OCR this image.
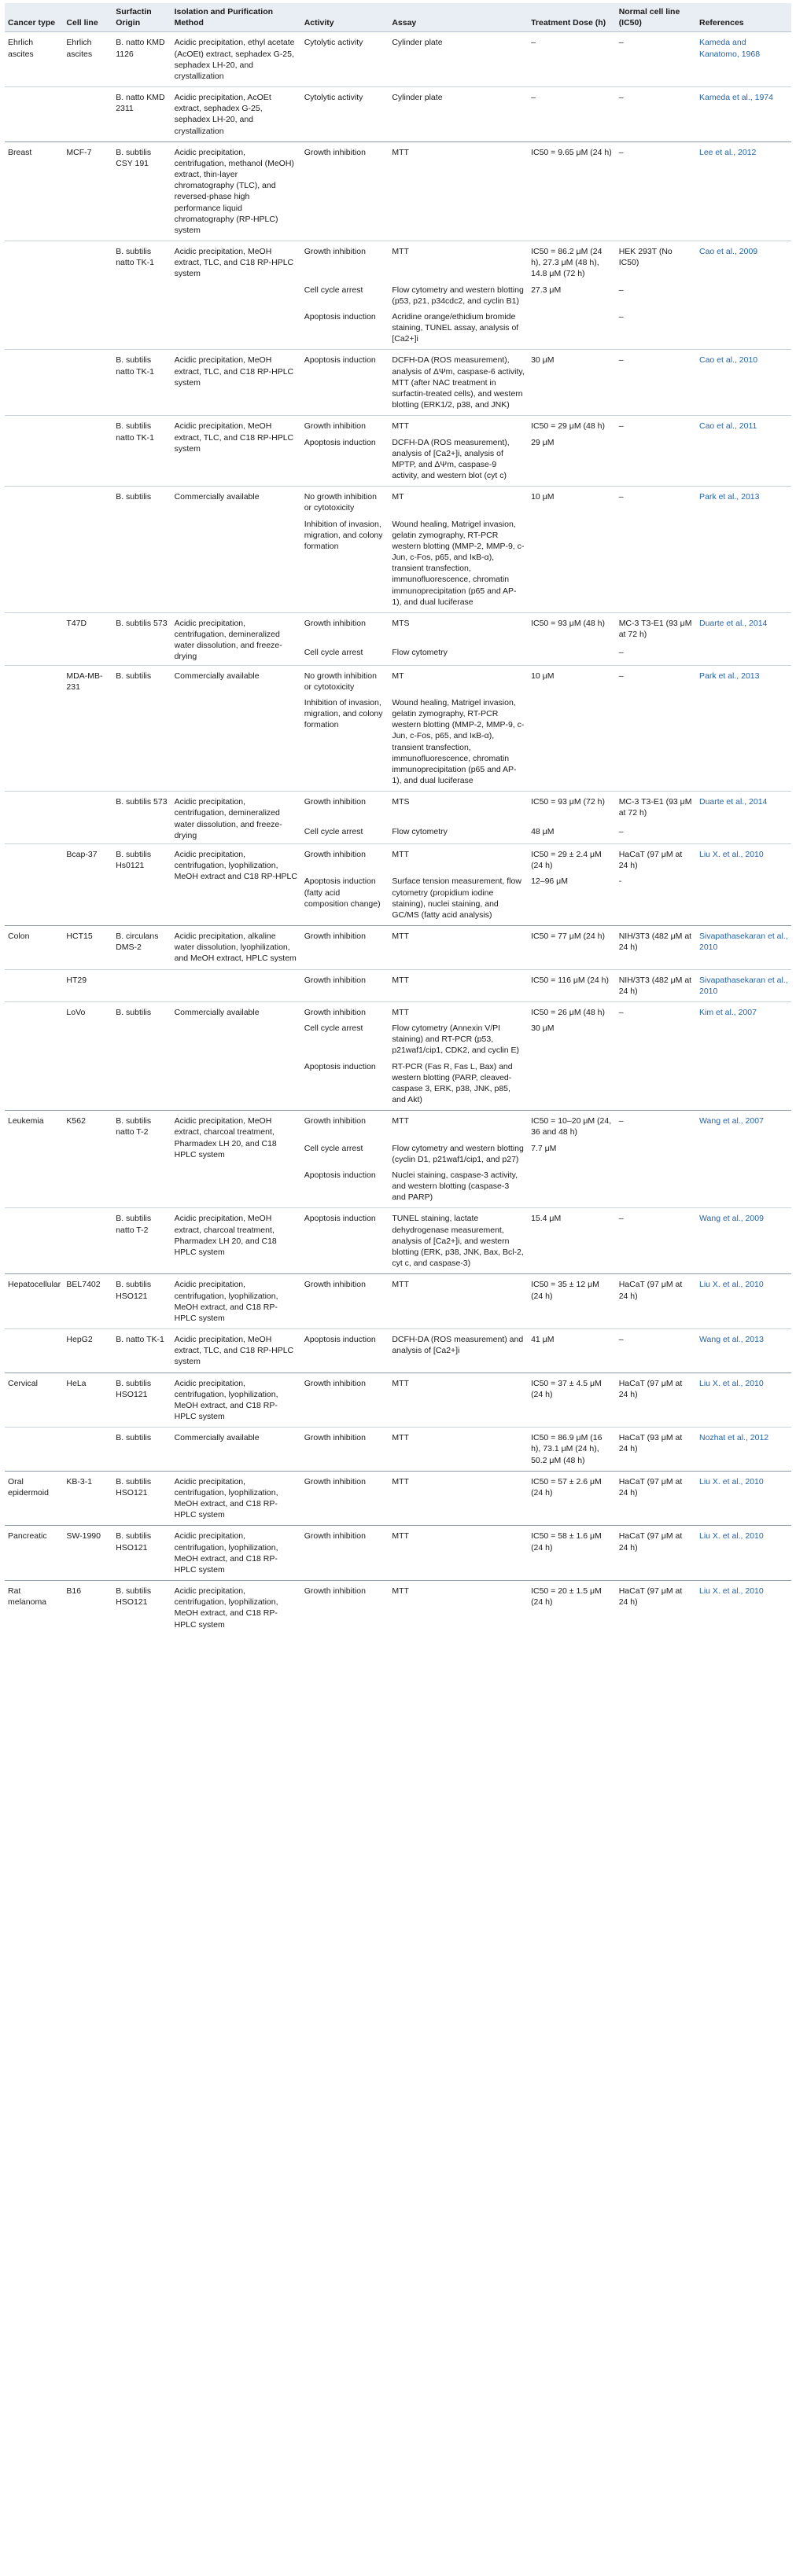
Cancer type	Cell line	Surfactin Origin	Isolation and Purification Method	Activity	Assay	Treatment Dose (h)	Normal cell line (IC50)	References
Ehrlich ascites	Ehrlich ascites	B. natto KMD 1126	Acidic precipitation, ethyl acetate (AcOEt) extract, sephadex G-25, sephadex LH-20, and crystallization	Cytolytic activity	Cylinder plate	–	–	Kameda and Kanatomo, 1968
		B. natto KMD 2311	Acidic precipitation, AcOEt extract, sephadex G-25, sephadex LH-20, and crystallization	Cytolytic activity	Cylinder plate	–	–	Kameda et al., 1974
Breast	MCF-7	B. subtilis CSY 191	Acidic precipitation, centrifugation, methanol (MeOH) extract, thin-layer chromatography (TLC), and reversed-phase high performance liquid chromatography (RP-HPLC) system	Growth inhibition	MTT	IC50 = 9.65 μM (24 h)	–	Lee et al., 2012
		B. subtilis natto TK-1	Acidic precipitation, MeOH extract, TLC, and C18 RP-HPLC system	Growth inhibition	MTT	IC50 = 86.2 μM (24 h), 27.3 μM (48 h), 14.8 μM (72 h)	HEK 293T (No IC50)	Cao et al., 2009
				Cell cycle arrest	Flow cytometry and western blotting (p53, p21, p34cdc2, and cyclin B1)	27.3 μM	–	
				Apoptosis induction	Acridine orange/ethidium bromide staining, TUNEL assay, analysis of [Ca2+]i		–	
		B. subtilis natto TK-1	Acidic precipitation, MeOH extract, TLC, and C18 RP-HPLC system	Apoptosis induction	DCFH-DA (ROS measurement), analysis of ΔΨm, caspase-6 activity, MTT (after NAC treatment in surfactin-treated cells), and western blotting (ERK1/2, p38, and JNK)	30 μM	–	Cao et al., 2010
		B. subtilis natto TK-1	Acidic precipitation, MeOH extract, TLC, and C18 RP-HPLC system	Growth inhibition	MTT	IC50 = 29 μM (48 h)	–	Cao et al., 2011
				Apoptosis induction	DCFH-DA (ROS measurement), analysis of [Ca2+]i, analysis of MPTP, and ΔΨm, caspase-9 activity, and western blot (cyt c)	29 μM		
		B. subtilis	Commercially available	No growth inhibition or cytotoxicity	MT	10 μM	–	Park et al., 2013
				Inhibition of invasion, migration, and colony formation	Wound healing, Matrigel invasion, gelatin zymography, RT-PCR western blotting (MMP-2, MMP-9, c-Jun, c-Fos, p65, and IκB-α), transient transfection, immunofluorescence, chromatin immunoprecipitation (p65 and AP-1), and dual luciferase			
	T47D	B. subtilis 573	Acidic precipitation, centrifugation, demineralized water dissolution, and freeze-drying	Growth inhibition	MTS	IC50 = 93 μM (48 h)	MC-3 T3-E1 (93 μM at 72 h)	Duarte et al., 2014
				Cell cycle arrest	Flow cytometry		–	
	MDA-MB-231	B. subtilis	Commercially available	No growth inhibition or cytotoxicity	MT	10 μM	–	Park et al., 2013
				Inhibition of invasion, migration, and colony formation	Wound healing, Matrigel invasion, gelatin zymography, RT-PCR western blotting (MMP-2, MMP-9, c-Jun, c-Fos, p65, and IκB-α), transient transfection, immunofluorescence, chromatin immunoprecipitation (p65 and AP-1), and dual luciferase			
		B. subtilis 573	Acidic precipitation, centrifugation, demineralized water dissolution, and freeze-drying	Growth inhibition	MTS	IC50 = 93 μM (72 h)	MC-3 T3-E1 (93 μM at 72 h)	Duarte et al., 2014
				Cell cycle arrest	Flow cytometry	48 μM	–	
	Bcap-37	B. subtilis Hs0121	Acidic precipitation, centrifugation, lyophilization, MeOH extract and C18 RP-HPLC	Growth inhibition	MTT	IC50 = 29 ± 2.4 μM (24 h)	HaCaT (97 μM at 24 h)	Liu X. et al., 2010
				Apoptosis induction (fatty acid composition change)	Surface tension measurement, flow cytometry (propidium iodine staining), nuclei staining, and GC/MS (fatty acid analysis)	12–96 μM	-	
Colon	HCT15	B. circulans DMS-2	Acidic precipitation, alkaline water dissolution, lyophilization, and MeOH extract, HPLC system	Growth inhibition	MTT	IC50 = 77 μM (24 h)	NIH/3T3 (482 μM at 24 h)	Sivapathasekaran et al., 2010
	HT29			Growth inhibition	MTT	IC50 = 116 μM (24 h)	NIH/3T3 (482 μM at 24 h)	Sivapathasekaran et al., 2010
	LoVo	B. subtilis	Commercially available	Growth inhibition	MTT	IC50 = 26 μM (48 h)	–	Kim et al., 2007
				Cell cycle arrest	Flow cytometry (Annexin V/PI staining) and RT-PCR (p53, p21waf1/cip1, CDK2, and cyclin E)	30 μM		
				Apoptosis induction	RT-PCR (Fas R, Fas L, Bax) and western blotting (PARP, cleaved-caspase 3, ERK, p38, JNK, p85, and Akt)			
Leukemia	K562	B. subtilis natto T-2	Acidic precipitation, MeOH extract, charcoal treatment, Pharmadex LH 20, and C18 HPLC system	Growth inhibition	MTT	IC50 = 10–20 μM (24, 36 and 48 h)	–	Wang et al., 2007
				Cell cycle arrest	Flow cytometry and western blotting (cyclin D1, p21waf1/cip1, and p27)	7.7 μM		
				Apoptosis induction	Nuclei staining, caspase-3 activity, and western blotting (caspase-3 and PARP)			
		B. subtilis natto T-2	Acidic precipitation, MeOH extract, charcoal treatment, Pharmadex LH 20, and C18 HPLC system	Apoptosis induction	TUNEL staining, lactate dehydrogenase measurement, analysis of [Ca2+]i, and western blotting (ERK, p38, JNK, Bax, Bcl-2, cyt c, and caspase-3)	15.4 μM	–	Wang et al., 2009
Hepatocellular	BEL7402	B. subtilis HSO121	Acidic precipitation, centrifugation, lyophilization, MeOH extract, and C18 RP-HPLC system	Growth inhibition	MTT	IC50 = 35 ± 12 μM (24 h)	HaCaT (97 μM at 24 h)	Liu X. et al., 2010
	HepG2	B. natto TK-1	Acidic precipitation, MeOH extract, TLC, and C18 RP-HPLC system	Apoptosis induction	DCFH-DA (ROS measurement) and analysis of [Ca2+]i	41 μM	–	Wang et al., 2013
Cervical	HeLa	B. subtilis HSO121	Acidic precipitation, centrifugation, lyophilization, MeOH extract, and C18 RP-HPLC system	Growth inhibition	MTT	IC50 = 37 ± 4.5 μM (24 h)	HaCaT (97 μM at 24 h)	Liu X. et al., 2010
		B. subtilis	Commercially available	Growth inhibition	MTT	IC50 = 86.9 μM (16 h), 73.1 μM (24 h), 50.2 μM (48 h)	HaCaT (93 μM at 24 h)	Nozhat et al., 2012
Oral epidermoid	KB-3-1	B. subtilis HSO121	Acidic precipitation, centrifugation, lyophilization, MeOH extract, and C18 RP-HPLC system	Growth inhibition	MTT	IC50 = 57 ± 2.6 μM (24 h)	HaCaT (97 μM at 24 h)	Liu X. et al., 2010
Pancreatic	SW-1990	B. subtilis HSO121	Acidic precipitation, centrifugation, lyophilization, MeOH extract, and C18 RP-HPLC system	Growth inhibition	MTT	IC50 = 58 ± 1.6 μM (24 h)	HaCaT (97 μM at 24 h)	Liu X. et al., 2010
Rat melanoma	B16	B. subtilis HSO121	Acidic precipitation, centrifugation, lyophilization, MeOH extract, and C18 RP-HPLC system	Growth inhibition	MTT	IC50 = 20 ± 1.5 μM (24 h)	HaCaT (97 μM at 24 h)	Liu X. et al., 2010
